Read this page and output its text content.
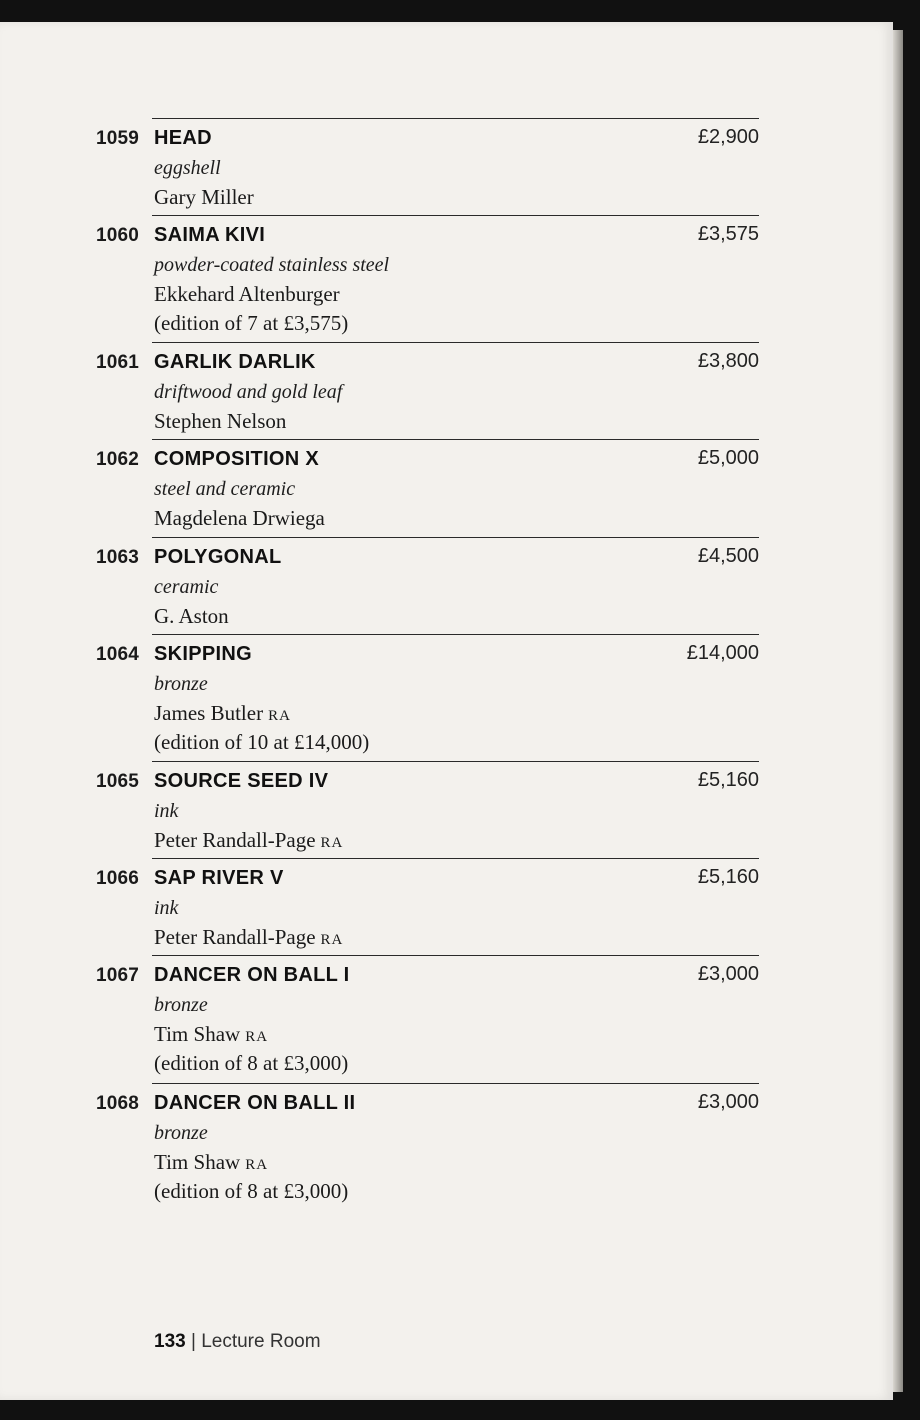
1059 HEAD	£2,900
eggshell
Gary Miller
1060 SAIMA KIVI	£3,575
powder-coated stainless steel
Ekkehard Altenburger
(edition of 7 at £3,575)
1061 GARLIK DARLIK	£3,800
driftwood and gold leaf
Stephen Nelson
1062 COMPOSITION X	£5,000
steel and ceramic
Magdelena Drwiega
1063 POLYGONAL	£4,500
ceramic
G. Aston
1064 SKIPPING	£14,000
bronze
James Butler RA
(edition of 10 at £14,000)
1065 SOURCE SEED IV	£5,160
ink
Peter Randall-Page RA
1066 SAP RIVER V	£5,160
ink
Peter Randall-Page RA
1067 DANCER ON BALL I	£3,000
bronze
Tim Shaw RA
(edition of 8 at £3,000)
1068 DANCER ON BALL II	£3,000
bronze
Tim Shaw RA
(edition of 8 at £3,000)
133 | Lecture Room
